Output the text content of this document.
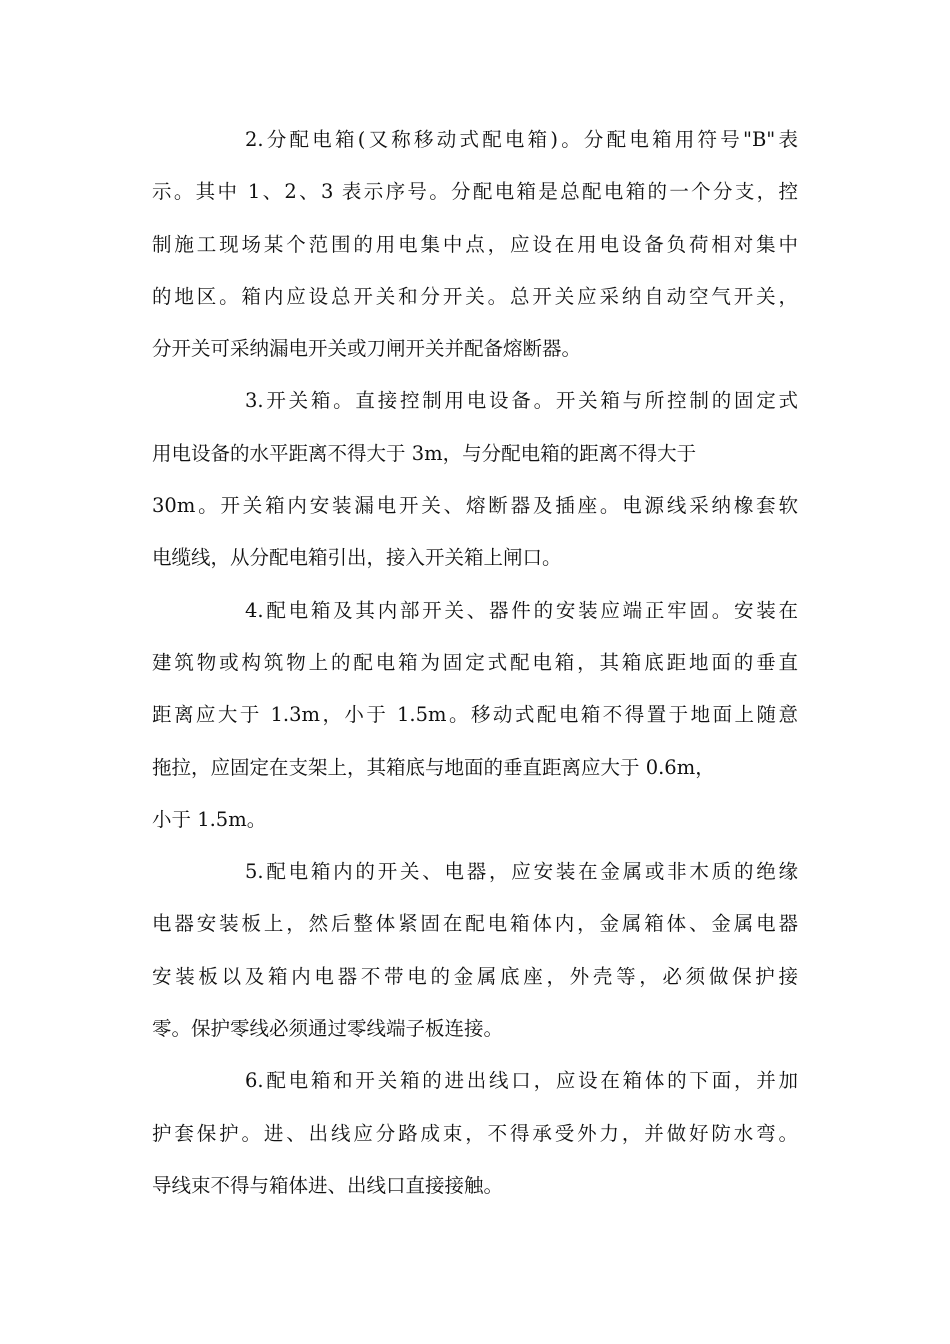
2.分配电箱(又称移动式配电箱)。分配电箱用符号"B"表
示。其中 1、2、3 表示序号。分配电箱是总配电箱的一个分支，控
制施工现场某个范围的用电集中点，应设在用电设备负荷相对集中
的地区。箱内应设总开关和分开关。总开关应采纳自动空气开关，
分开关可采纳漏电开关或刀闸开关并配备熔断器。
3.开关箱。直接控制用电设备。开关箱与所控制的固定式
用电设备的水平距离不得大于 3m，与分配电箱的距离不得大于
30m。开关箱内安装漏电开关、熔断器及插座。电源线采纳橡套软
电缆线，从分配电箱引出，接入开关箱上闸口。
4.配电箱及其内部开关、器件的安装应端正牢固。安装在
建筑物或构筑物上的配电箱为固定式配电箱，其箱底距地面的垂直
距离应大于 1.3m，小于 1.5m。移动式配电箱不得置于地面上随意
拖拉，应固定在支架上，其箱底与地面的垂直距离应大于 0.6m，
小于 1.5m。
5.配电箱内的开关、电器，应安装在金属或非木质的绝缘
电器安装板上，然后整体紧固在配电箱体内，金属箱体、金属电器
安装板以及箱内电器不带电的金属底座，外壳等，必须做保护接
零。保护零线必须通过零线端子板连接。
6.配电箱和开关箱的进出线口，应设在箱体的下面，并加
护套保护。进、出线应分路成束，不得承受外力，并做好防水弯。
导线束不得与箱体进、出线口直接接触。
